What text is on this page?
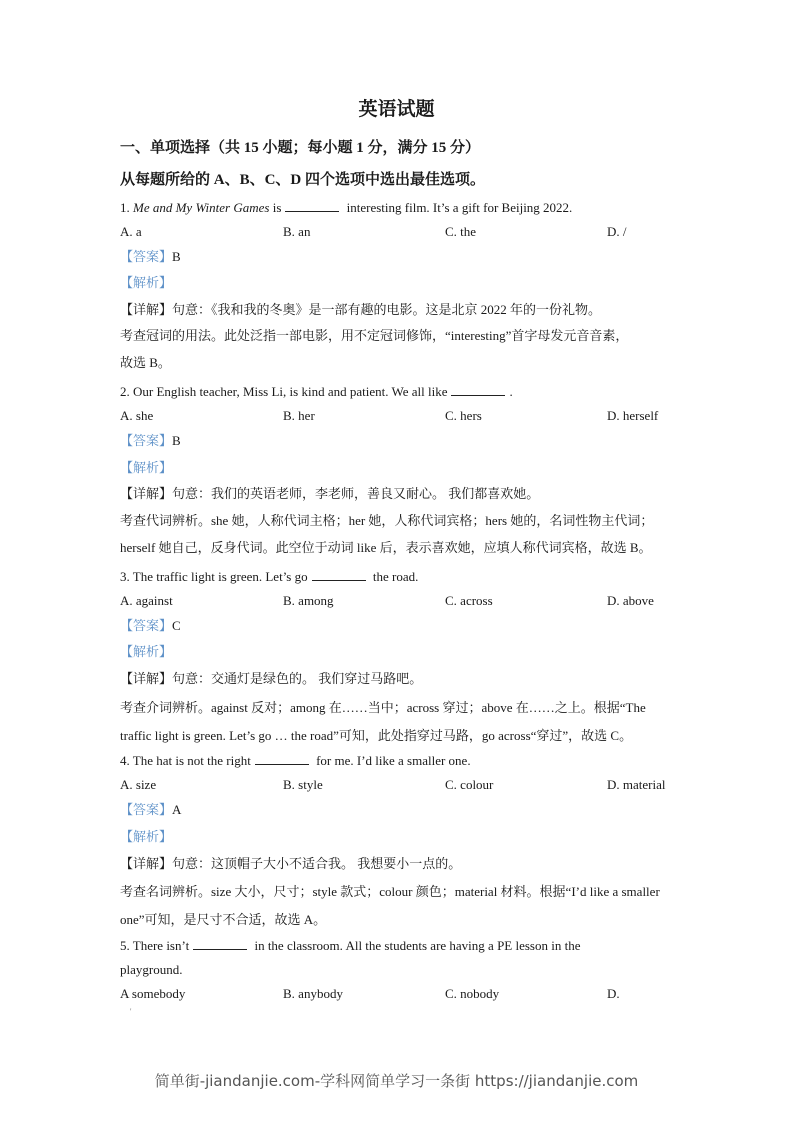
英语试题
一、单项选择（共 15 小题；每小题 1 分，满分 15 分）
从每题所给的 A、B、C、D 四个选项中选出最佳选项。
1. Me and My Winter Games is	interesting film. It’s a gift for Beijing 2022.
A. a	B. an	C. the	D. /
【答案】B
【解析】
【详解】句意：《我和我的冬奥》是一部有趣的电影。这是北京 2022 年的一份礼物。
考查冠词的用法。此处泛指一部电影，用不定冠词修饰，“interesting”首字母发元音音素，
故选 B。
2. Our English teacher, Miss Li, is kind and patient. We all like	.
A. she	B. her	C. hers	D. herself
【答案】B
【解析】
【详解】句意：我们的英语老师，李老师，善良又耐心。 我们都喜欢她。
考查代词辨析。she 她，人称代词主格；her 她，人称代词宾格；hers 她的，名词性物主代词；
herself 她自己，反身代词。此空位于动词 like 后，表示喜欢她，应填人称代词宾格，故选 B。
3. The traffic light is green. Let’s go	the road.
A. against	B. among	C. across	D. above
【答案】C
【解析】
【详解】句意：交通灯是绿色的。 我们穿过马路吧。
考查介词辨析。against 反对；among 在……当中；across 穿过；above 在……之上。根据“The
traffic light is green. Let’s go … the road”可知，此处指穿过马路，go across“穿过”，故选 C。
4. The hat is not the right	for me. I’d like a smaller one.
A. size	B. style	C. colour	D. material
【答案】A
【解析】
【详解】句意：这顶帽子大小不适合我。 我想要小一点的。
考查名词辨析。size 大小，尺寸；style 款式；colour 颜色；material 材料。根据“I’d like a smaller
one”可知，是尺寸不合适，故选 A。
5. There isn’t	in the classroom. All the students are having a PE lesson in the
playground.
A somebody	B. anybody	C. nobody	D.
'
简单街-jiandanjie.com-学科网简单学习一条街 https://jiandanjie.com
